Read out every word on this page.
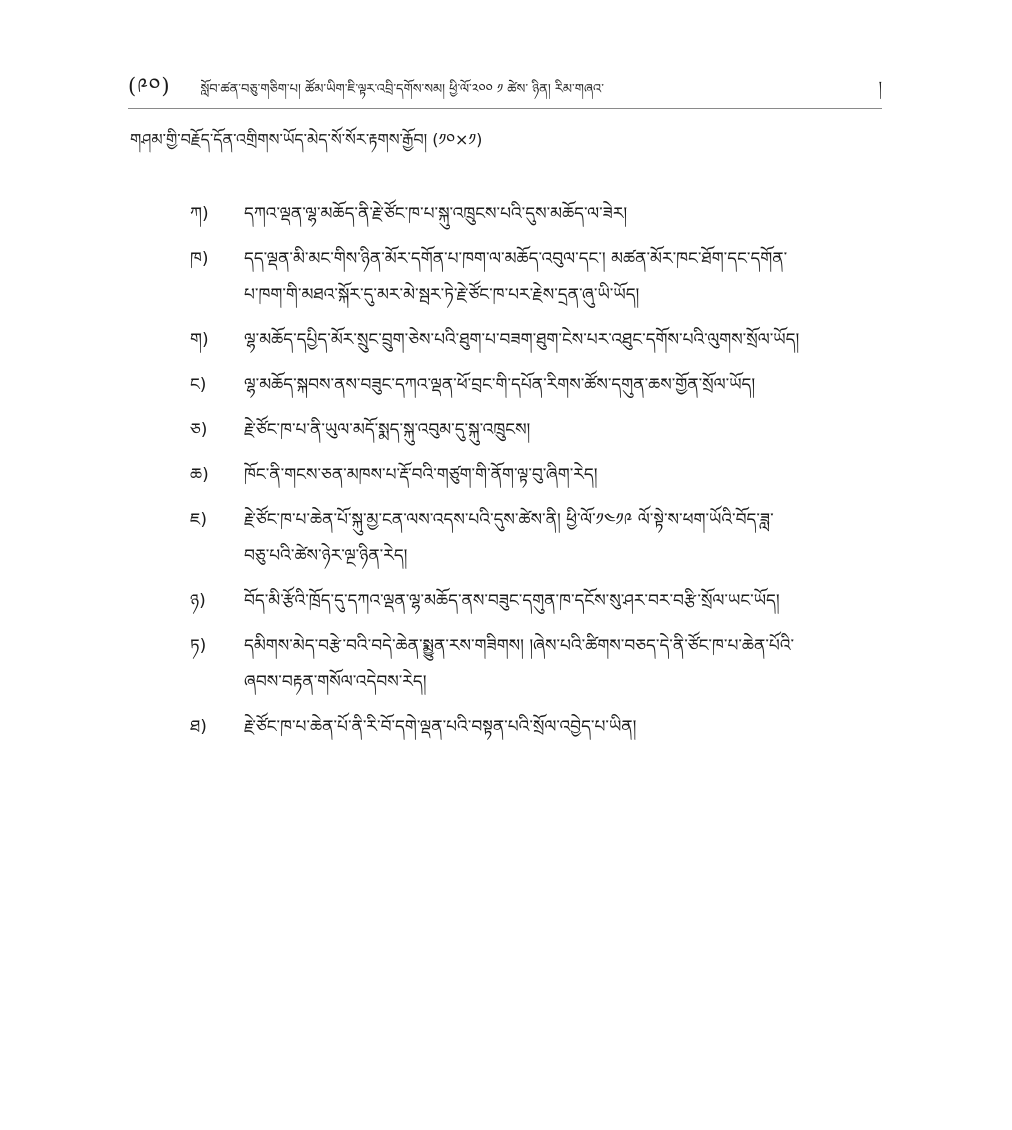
(༩༠) སློབ་ཚན་བཅུ་གཅིག་པ། ཚོམ་ཡིག་ཇི་ལྟར་འབྲི་དགོས་སམ། ཕྱི་ལོ་༢༠༠ ༡ ཚེས་ ཉིན། རིམ་གཞའ་	།
གཤམ་གྱི་བརྗོད་དོན་འགྲིགས་ཡོད་མེད་སོ་སོར་རྟགས་རྒྱོབ། (༡༠×༡)
ཀ)	དཀའ་ལྡན་ལྷ་མཆོད་ནི་རྗེ་ཙོང་ཁ་པ་སྐུ་འཁྲུངས་པའི་དུས་མཆོད་ལ་ཟེར།
ཁ)	དད་ལྡན་མི་མང་གིས་ཉིན་མོར་དགོན་པ་ཁག་ལ་མཆོད་འབུལ་དང་། མཚན་མོར་ཁང་ཐོག་དང་དགོན་
པ་ཁག་གི་མཐའ་སྐོར་དུ་མར་མེ་སྦར་ཏེ་རྗེ་ཙོང་ཁ་པར་རྗེས་དྲན་ཞུ་ཡི་ཡོད།
ག)	ལྷ་མཆོད་དཔྱིད་མོར་སྲུང་བྲུག་ཅེས་པའི་ཐུག་པ་བཟག་ཐུག་ངེས་པར་འཐུང་དགོས་པའི་ལུགས་སྲོལ་ཡོད།
ང)	ལྷ་མཆོད་སྐབས་ནས་བཟུང་དཀའ་ལྡན་ཕོ་བྲང་གི་དཔོན་རིགས་ཚོས་དགུན་ཆས་གྱོན་སྲོལ་ཡོད།
ཅ)	རྗེ་ཙོང་ཁ་པ་ནི་ཡུལ་མདོ་སྨད་སྐུ་འབུམ་དུ་སྐུ་འཁྲུངས།
ཆ)	ཁོང་ནི་གངས་ཅན་མཁས་པ་རྡོ་བའི་གཙུག་གི་ནོག་ལྟ་བུ་ཞིག་རེད།
ཇ)	རྗེ་ཙོང་ཁ་པ་ཆེན་པོ་སྐུ་མྱ་ངན་ལས་འདས་པའི་དུས་ཚེས་ནི། ཕྱི་ལོ་༡༤༡༩ ལོ་སྟེ་ས་ཕག་ཡོའི་བོད་ཟླ་
བཅུ་པའི་ཚེས་ཉེར་ལྔ་ཉིན་རེད།
ཉ)	བོད་མི་རྩོའི་ཁྲོད་དུ་དཀའ་ལྡན་ལྷ་མཆོད་ནས་བཟུང་དགུན་ཁ་དངོས་སུ་ཤར་བར་བརྩི་སྲོལ་ཡང་ཡོད།
ཏ)	དམིགས་མེད་བརྩེ་བའི་བདེ་ཆེན་སྨྱུན་རས་གཟིགས། །ཞེས་པའི་ཚིགས་བཅད་དེ་ནི་ཙོང་ཁ་པ་ཆེན་པོའི་
ཞབས་བརྟན་གསོལ་འདེབས་རེད།
ཐ)	རྗེ་ཙོང་ཁ་པ་ཆེན་པོ་ནི་རི་བོ་དགེ་ལྡན་པའི་བསྟན་པའི་སྲོལ་འབྱེད་པ་ཡིན།
